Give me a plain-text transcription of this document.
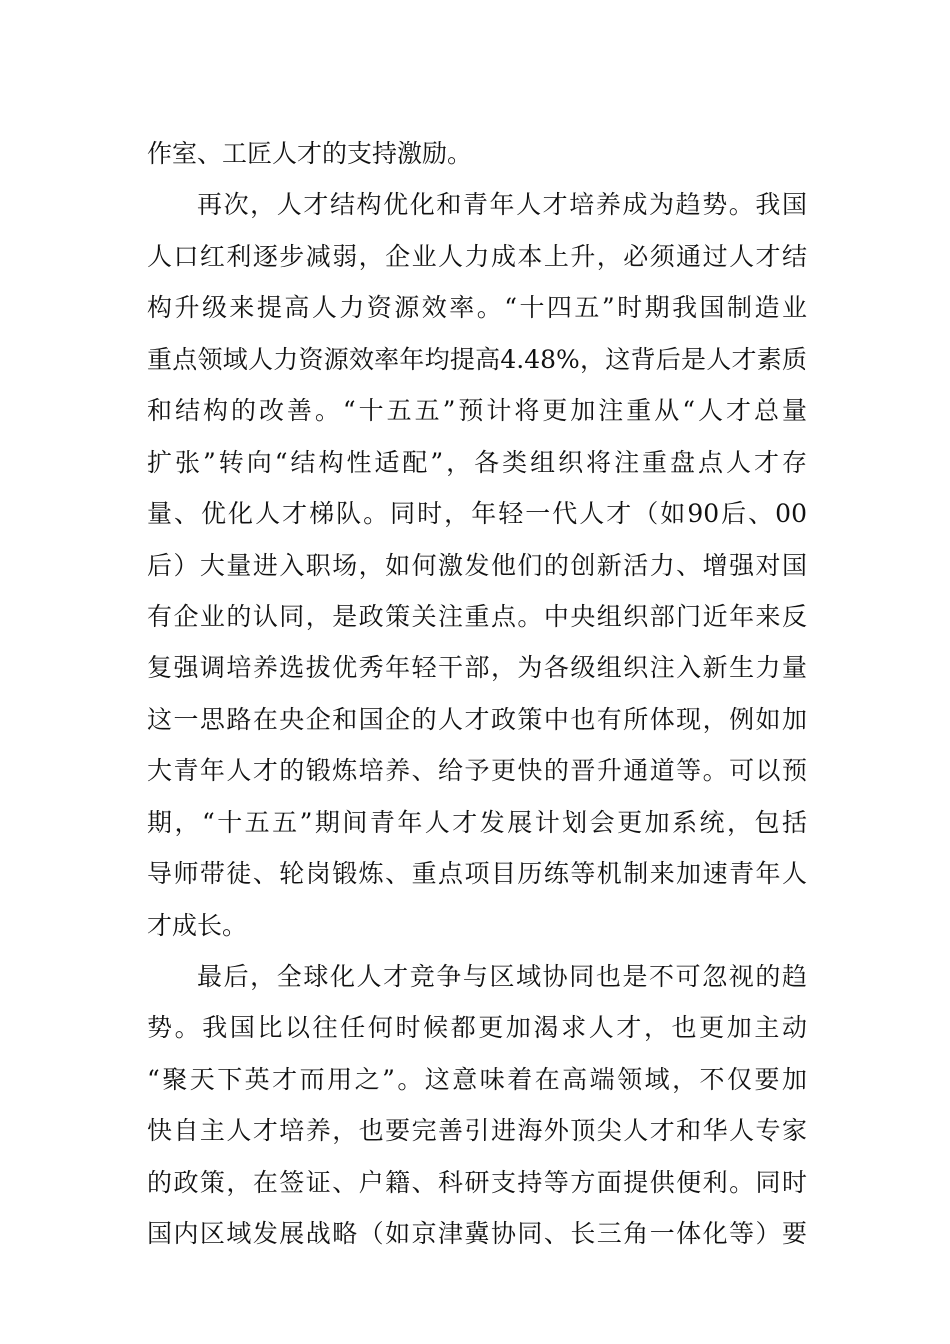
作室、工匠人才的支持激励。
再次，人才结构优化和青年人才培养成为趋势。我国
人口红利逐步减弱，企业人力成本上升，必须通过人才结
构升级来提高人力资源效率。“十四五”时期我国制造业
重点领域人力资源效率年均提高4.48%，这背后是人才素质
和结构的改善。“十五五”预计将更加注重从“人才总量
扩张”转向“结构性适配”，各类组织将注重盘点人才存
量、优化人才梯队。同时，年轻一代人才（如90后、00
后）大量进入职场，如何激发他们的创新活力、增强对国
有企业的认同，是政策关注重点。中央组织部门近年来反
复强调培养选拔优秀年轻干部，为各级组织注入新生力量
这一思路在央企和国企的人才政策中也有所体现，例如加
大青年人才的锻炼培养、给予更快的晋升通道等。可以预
期，“十五五”期间青年人才发展计划会更加系统，包括
导师带徒、轮岗锻炼、重点项目历练等机制来加速青年人
才成长。
最后，全球化人才竞争与区域协同也是不可忽视的趋
势。我国比以往任何时候都更加渴求人才，也更加主动
“聚天下英才而用之”。这意味着在高端领域，不仅要加
快自主人才培养，也要完善引进海外顶尖人才和华人专家
的政策，在签证、户籍、科研支持等方面提供便利。同时
国内区域发展战略（如京津冀协同、长三角一体化等）要
